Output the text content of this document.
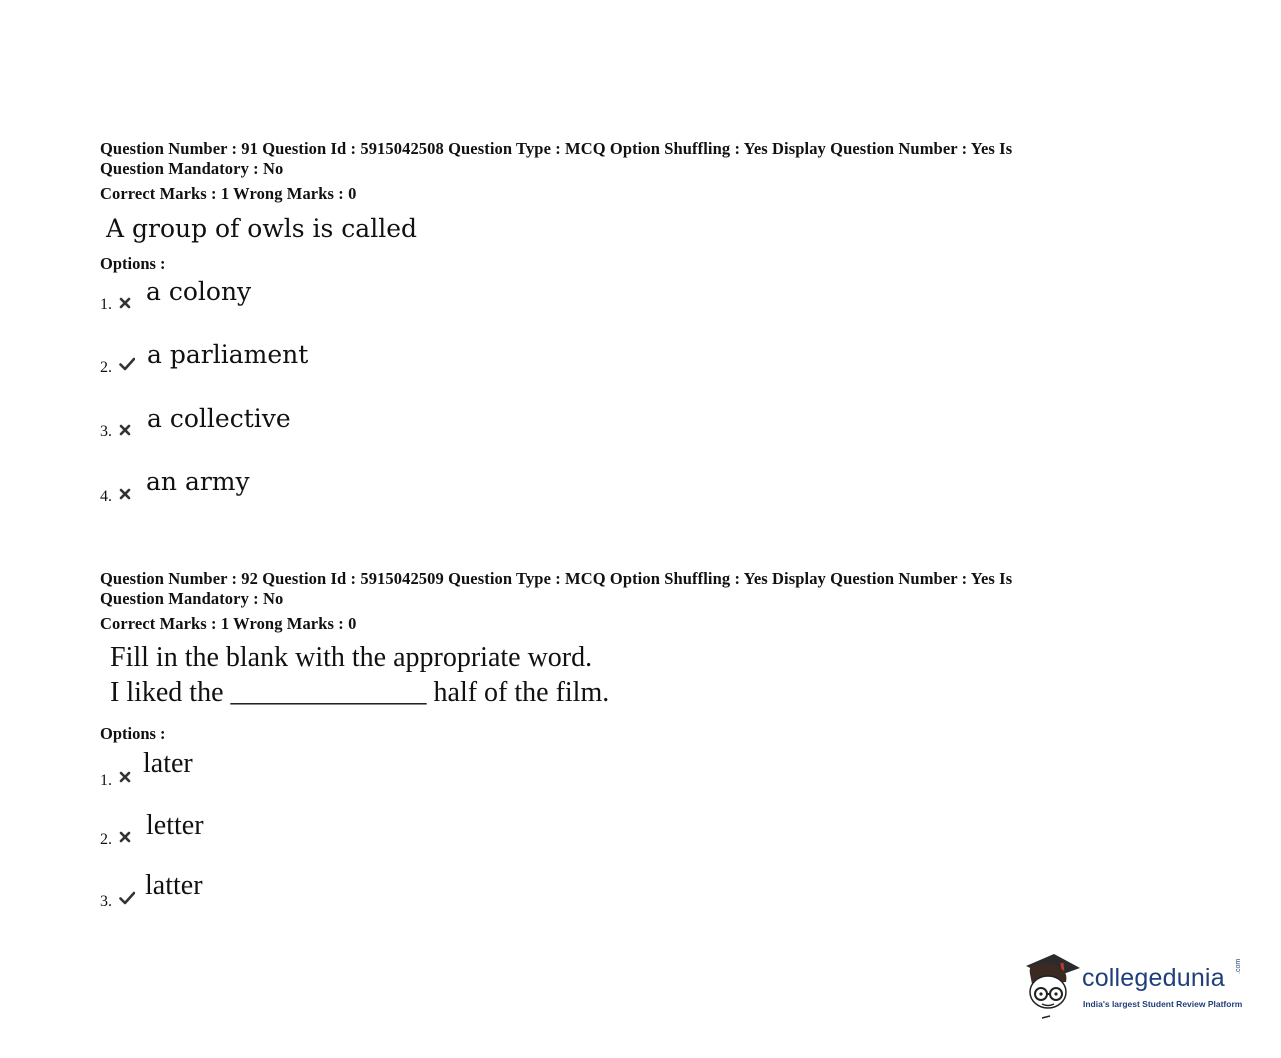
Question Number : 91 Question Id : 5915042508 Question Type : MCQ Option Shuffling : Yes Display Question Number : Yes Is
Question Mandatory : No
Correct Marks : 1 Wrong Marks : 0
A group of owls is called
Options :
1. a colony
2. a parliament
3. a collective
4.
an army
Question Number : 92 Question Id : 5915042509 Question Type : MCQ Option Shuffling : Yes Display Question Number : Yes Is
Question Mandatory : No
Correct Marks : 1 Wrong Marks : 0
Fill in the blank with the appropriate word.
I liked the ______________ half of the film.
Options :
1.
later
2. letter
3.
latter
collegedunia .com
India's largest Student Review Platform
